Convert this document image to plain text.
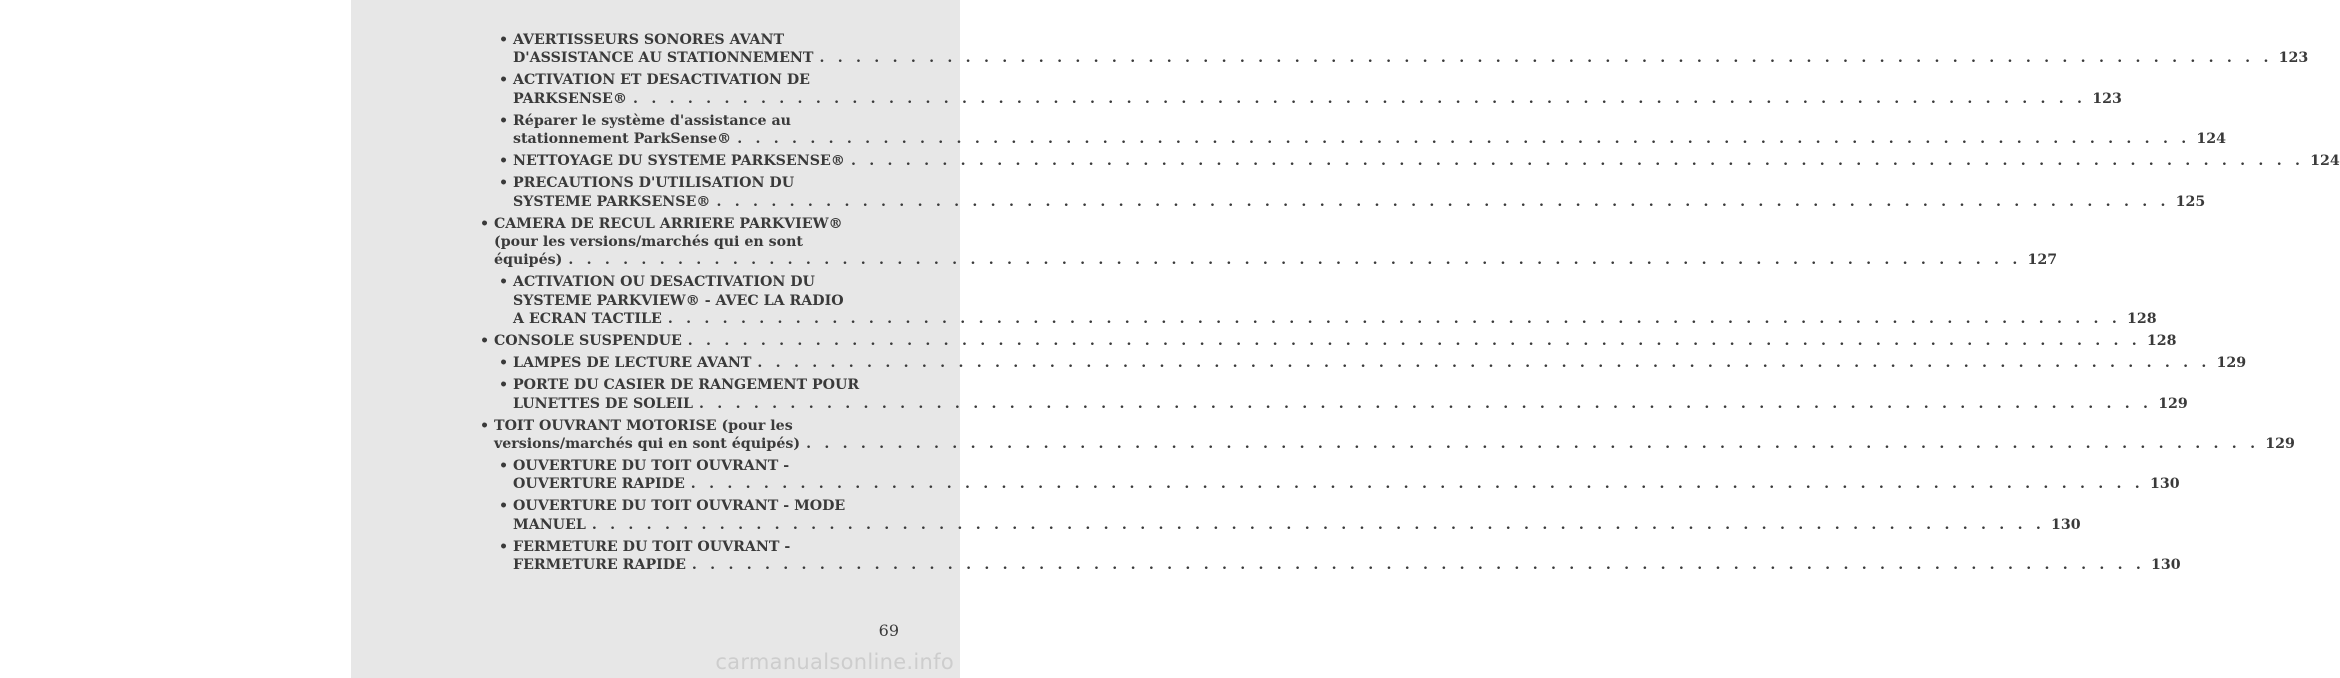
• AVERTISSEURS SONORES AVANT
D'ASSISTANCE AU STATIONNEMENT . . . . . . . . . . . . . . . . . . . . . . . . . . . . . . . . . . . . . . . . . . . . . . . . . . . . . . . . . . . . . . . . . . . . . . . . . . . . . . . . 123
• ACTIVATION ET DESACTIVATION DE
PARKSENSE® . . . . . . . . . . . . . . . . . . . . . . . . . . . . . . . . . . . . . . . . . . . . . . . . . . . . . . . . . . . . . . . . . . . . . . . . . . . . . . . . 123
• Réparer le système d'assistance au
stationnement ParkSense® . . . . . . . . . . . . . . . . . . . . . . . . . . . . . . . . . . . . . . . . . . . . . . . . . . . . . . . . . . . . . . . . . . . . . . . . . . . . . . . . 124
• NETTOYAGE DU SYSTEME PARKSENSE® . . . . . . . . . . . . . . . . . . . . . . . . . . . . . . . . . . . . . . . . . . . . . . . . . . . . . . . . . . . . . . . . . . . . . . . . . . . . . . . . 124
• PRECAUTIONS D'UTILISATION DU
SYSTEME PARKSENSE® . . . . . . . . . . . . . . . . . . . . . . . . . . . . . . . . . . . . . . . . . . . . . . . . . . . . . . . . . . . . . . . . . . . . . . . . . . . . . . . . 125
• CAMERA DE RECUL ARRIERE PARKVIEW®
(pour les versions/marchés qui en sont
équipés) . . . . . . . . . . . . . . . . . . . . . . . . . . . . . . . . . . . . . . . . . . . . . . . . . . . . . . . . . . . . . . . . . . . . . . . . . . . . . . . . 127
• ACTIVATION OU DESACTIVATION DU
SYSTEME PARKVIEW® - AVEC LA RADIO
A ECRAN TACTILE . . . . . . . . . . . . . . . . . . . . . . . . . . . . . . . . . . . . . . . . . . . . . . . . . . . . . . . . . . . . . . . . . . . . . . . . . . . . . . . . 128
• CONSOLE SUSPENDUE . . . . . . . . . . . . . . . . . . . . . . . . . . . . . . . . . . . . . . . . . . . . . . . . . . . . . . . . . . . . . . . . . . . . . . . . . . . . . . . . 128
• LAMPES DE LECTURE AVANT . . . . . . . . . . . . . . . . . . . . . . . . . . . . . . . . . . . . . . . . . . . . . . . . . . . . . . . . . . . . . . . . . . . . . . . . . . . . . . . . 129
• PORTE DU CASIER DE RANGEMENT POUR
LUNETTES DE SOLEIL . . . . . . . . . . . . . . . . . . . . . . . . . . . . . . . . . . . . . . . . . . . . . . . . . . . . . . . . . . . . . . . . . . . . . . . . . . . . . . . . 129
• TOIT OUVRANT MOTORISE (pour les
versions/marchés qui en sont équipés) . . . . . . . . . . . . . . . . . . . . . . . . . . . . . . . . . . . . . . . . . . . . . . . . . . . . . . . . . . . . . . . . . . . . . . . . . . . . . . . . 129
• OUVERTURE DU TOIT OUVRANT -
OUVERTURE RAPIDE . . . . . . . . . . . . . . . . . . . . . . . . . . . . . . . . . . . . . . . . . . . . . . . . . . . . . . . . . . . . . . . . . . . . . . . . . . . . . . . . 130
• OUVERTURE DU TOIT OUVRANT - MODE
MANUEL . . . . . . . . . . . . . . . . . . . . . . . . . . . . . . . . . . . . . . . . . . . . . . . . . . . . . . . . . . . . . . . . . . . . . . . . . . . . . . . . 130
• FERMETURE DU TOIT OUVRANT -
FERMETURE RAPIDE . . . . . . . . . . . . . . . . . . . . . . . . . . . . . . . . . . . . . . . . . . . . . . . . . . . . . . . . . . . . . . . . . . . . . . . . . . . . . . . . 130
69
carmanualsonline.info
